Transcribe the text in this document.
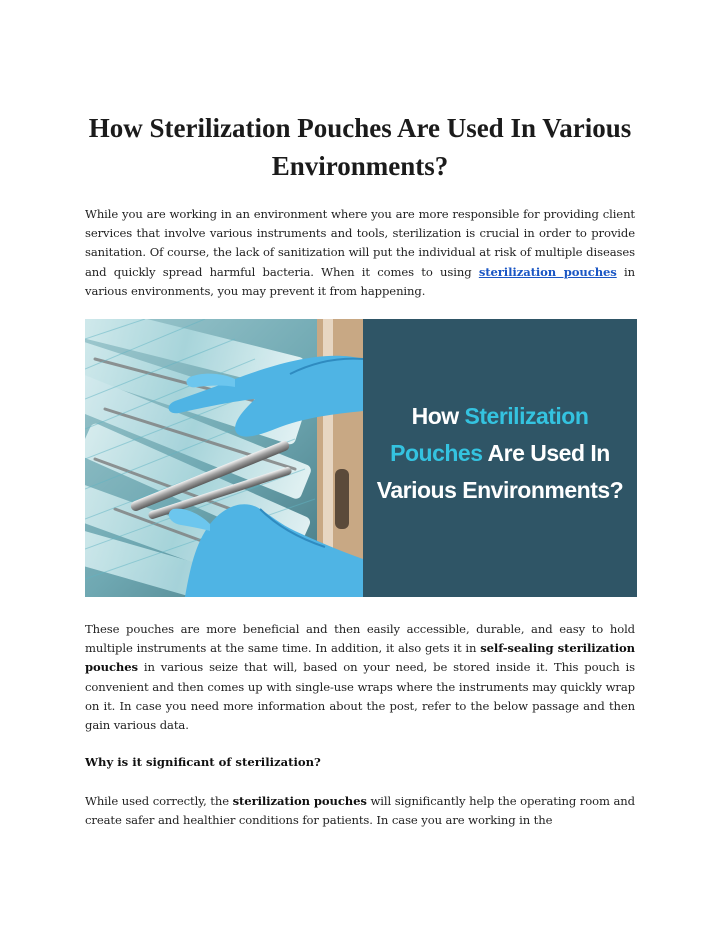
How Sterilization Pouches Are Used In Various Environments?

While you are working in an environment where you are more responsible for providing client services that involve various instruments and tools, sterilization is crucial in order to provide sanitation. Of course, the lack of sanitization will put the individual at risk of multiple diseases and quickly spread harmful bacteria. When it comes to using sterilization pouches in various environments, you may prevent it from happening.

How Sterilization
Pouches Are Used In
Various Environments?

These pouches are more beneficial and then easily accessible, durable, and easy to hold multiple instruments at the same time. In addition, it also gets it in self-sealing sterilization pouches in various seize that will, based on your need, be stored inside it. This pouch is convenient and then comes up with single-use wraps where the instruments may quickly wrap on it. In case you need more information about the post, refer to the below passage and then gain various data.

Why is it significant of sterilization?

While used correctly, the sterilization pouches will significantly help the operating room and create safer and healthier conditions for patients. In case you are working in the
